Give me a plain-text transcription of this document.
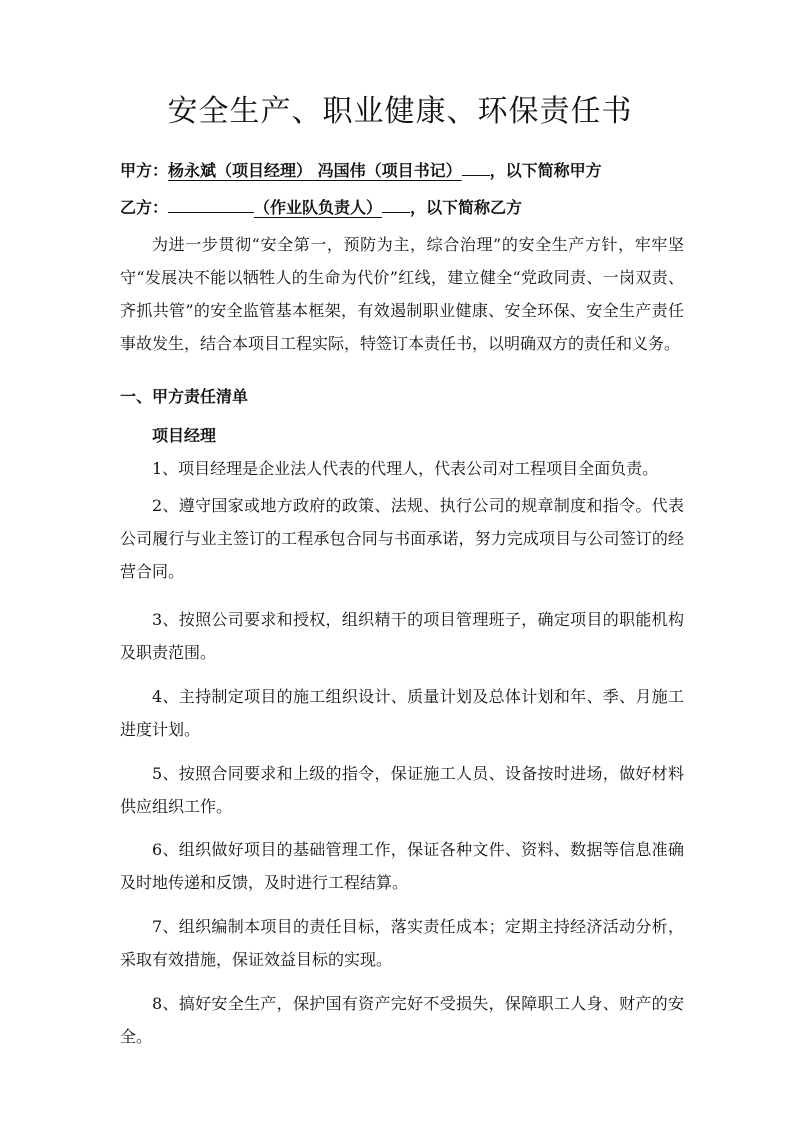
安全生产、职业健康、环保责任书
甲方：杨永斌（项目经理） 冯国伟（项目书记） ，以下简称甲方
乙方：	（作业队负责人） ，以下简称乙方

为进一步贯彻“安全第一，预防为主，综合治理”的安全生产方针，牢牢坚守“发展决不能以牺牲人的生命为代价”红线，建立健全“党政同责、一岗双责、齐抓共管”的安全监管基本框架，有效遏制职业健康、安全环保、安全生产责任事故发生，结合本项目工程实际，特签订本责任书，以明确双方的责任和义务。

一、甲方责任清单

项目经理

1、项目经理是企业法人代表的代理人，代表公司对工程项目全面负责。

2、遵守国家或地方政府的政策、法规、执行公司的规章制度和指令。代表公司履行与业主签订的工程承包合同与书面承诺，努力完成项目与公司签订的经营合同。

3、按照公司要求和授权，组织精干的项目管理班子，确定项目的职能机构及职责范围。

4、主持制定项目的施工组织设计、质量计划及总体计划和年、季、月施工进度计划。

5、按照合同要求和上级的指令，保证施工人员、设备按时进场，做好材料供应组织工作。

6、组织做好项目的基础管理工作，保证各种文件、资料、数据等信息准确及时地传递和反馈，及时进行工程结算。

7、组织编制本项目的责任目标，落实责任成本；定期主持经济活动分析，采取有效措施，保证效益目标的实现。

8、搞好安全生产，保护国有资产完好不受损失，保障职工人身、财产的安全。
